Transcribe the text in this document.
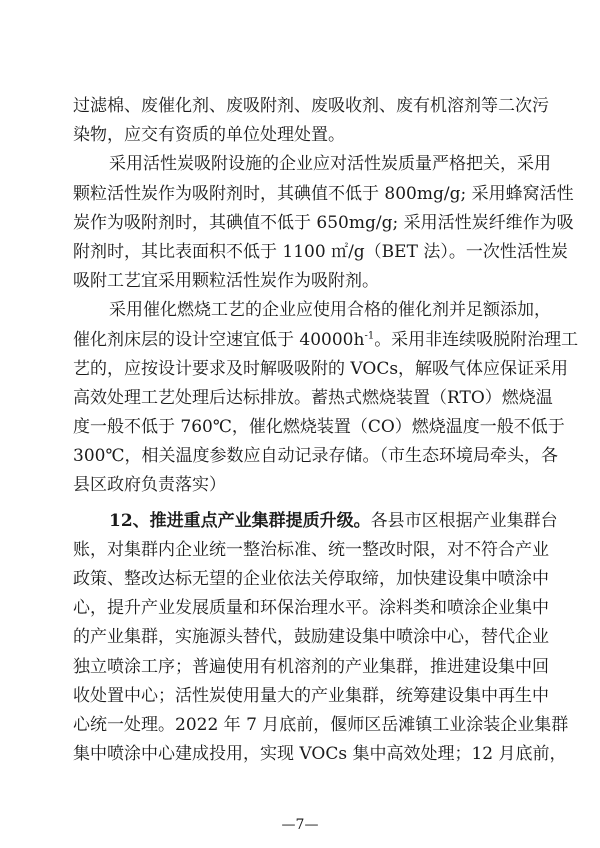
过滤棉、废催化剂、废吸附剂、废吸收剂、废有机溶剂等二次污
染物，应交有资质的单位处理处置。
采用活性炭吸附设施的企业应对活性炭质量严格把关，采用
颗粒活性炭作为吸附剂时，其碘值不低于 800mg/g; 采用蜂窝活性
炭作为吸附剂时，其碘值不低于 650mg/g; 采用活性炭纤维作为吸
附剂时，其比表面积不低于 1100 ㎡/g（BET 法）。一次性活性炭
吸附工艺宜采用颗粒活性炭作为吸附剂。
采用催化燃烧工艺的企业应使用合格的催化剂并足额添加，
催化剂床层的设计空速宜低于 $40000h^{-1}$。采用非连续吸脱附治理工
艺的，应按设计要求及时解吸吸附的 VOCs，解吸气体应保证采用
高效处理工艺处理后达标排放。蓄热式燃烧装置（RTO）燃烧温
度一般不低于 760℃，催化燃烧装置（CO）燃烧温度一般不低于
300℃，相关温度参数应自动记录存储。（市生态环境局牵头，各
县区政府负责落实）
12、推进重点产业集群提质升级。各县市区根据产业集群台
账，对集群内企业统一整治标准、统一整改时限，对不符合产业
政策、整改达标无望的企业依法关停取缔，加快建设集中喷涂中
心，提升产业发展质量和环保治理水平。涂料类和喷涂企业集中
的产业集群，实施源头替代，鼓励建设集中喷涂中心，替代企业
独立喷涂工序；普遍使用有机溶剂的产业集群，推进建设集中回
收处置中心；活性炭使用量大的产业集群，统筹建设集中再生中
心统一处理。2022 年 7 月底前，偃师区岳滩镇工业涂装企业集群
集中喷涂中心建成投用，实现 VOCs 集中高效处理；12 月底前，
—7—
